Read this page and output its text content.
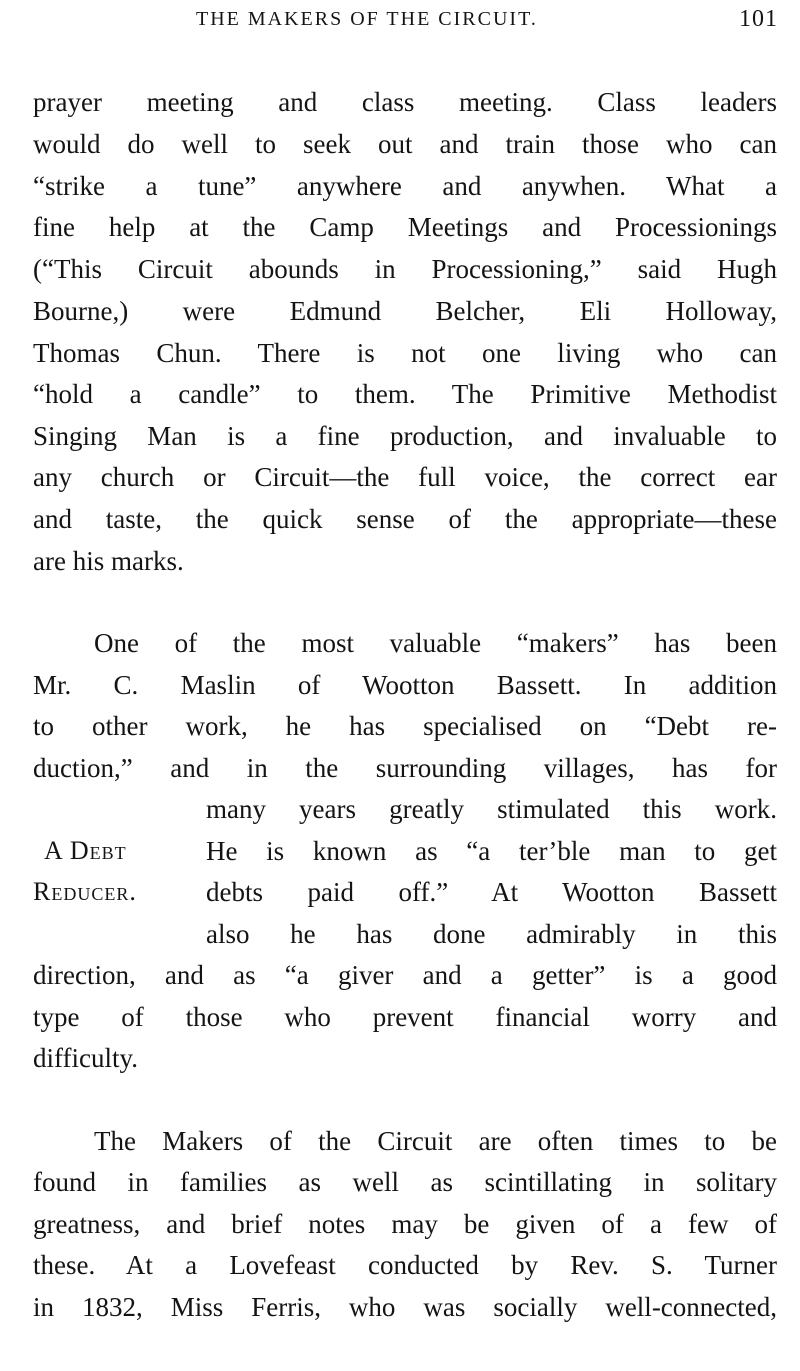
THE MAKERS OF THE CIRCUIT.	101
prayer meeting and class meeting. Class leaders
would do well to seek out and train those who can
“strike a tune” anywhere and anywhen. What a
fine help at the Camp Meetings and Processionings
(“This Circuit abounds in Processioning,” said Hugh
Bourne,) were Edmund Belcher, Eli Holloway,
Thomas Chun. There is not one living who can
“hold a candle” to them. The Primitive Methodist
Singing Man is a fine production, and invaluable to
any church or Circuit—the full voice, the correct ear
and taste, the quick sense of the appropriate—these
are his marks.
One of the most valuable “makers” has been
Mr. C. Maslin of Wootton Bassett. In addition
to other work, he has specialised on “Debt re-
duction,” and in the surrounding villages, has for
many years greatly stimulated this work.
He is known as “a ter’ble man to get
debts paid off.” At Wootton Bassett
also he has done admirably in this
direction, and as “a giver and a getter” is a good
type of those who prevent financial worry and
difficulty.
A Debt
Reducer.
The Makers of the Circuit are often times to be
found in families as well as scintillating in solitary
greatness, and brief notes may be given of a few of
these. At a Lovefeast conducted by Rev. S. Turner
in 1832, Miss Ferris, who was socially well-connected,
